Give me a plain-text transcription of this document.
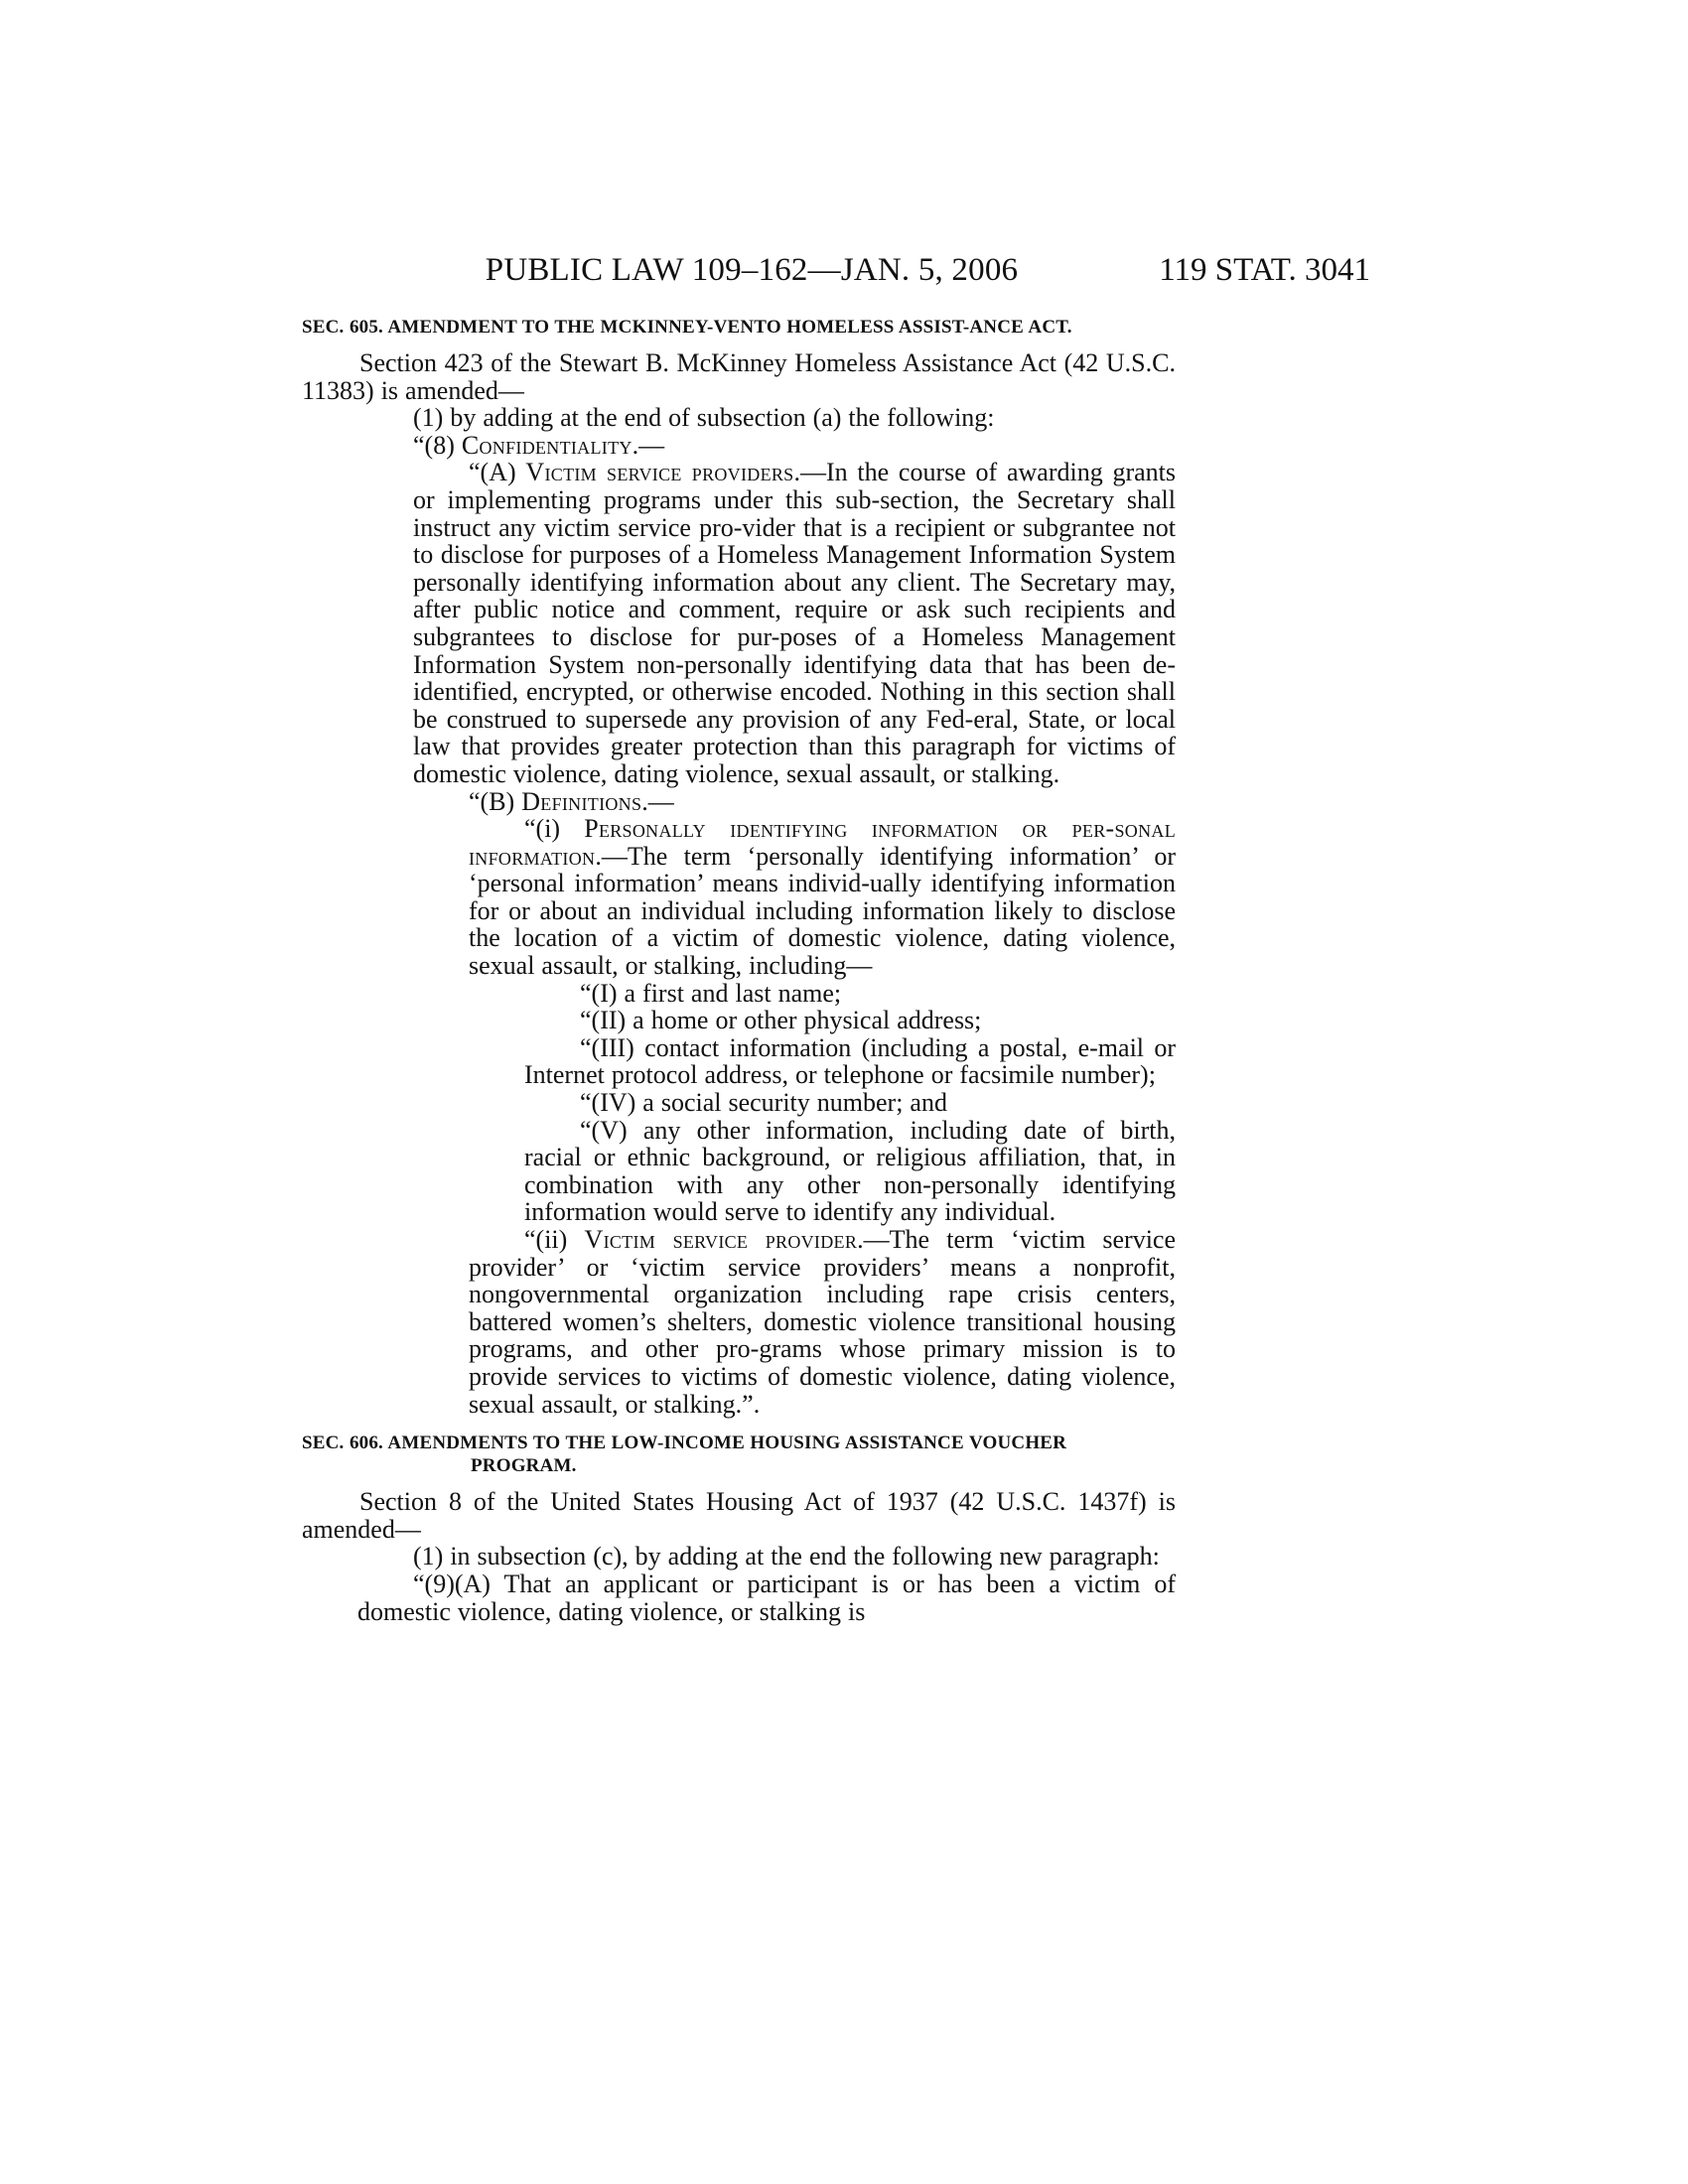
PUBLIC LAW 109–162—JAN. 5, 2006	119 STAT. 3041

SEC. 605. AMENDMENT TO THE MCKINNEY-VENTO HOMELESS ASSIST-ANCE ACT.

Section 423 of the Stewart B. McKinney Homeless Assistance Act (42 U.S.C. 11383) is amended—

(1) by adding at the end of subsection (a) the following:

“(8) Confidentiality.—

“(A) Victim service providers.—In the course of awarding grants or implementing programs under this sub-section, the Secretary shall instruct any victim service pro-vider that is a recipient or subgrantee not to disclose for purposes of a Homeless Management Information System personally identifying information about any client. The Secretary may, after public notice and comment, require or ask such recipients and subgrantees to disclose for pur-poses of a Homeless Management Information System non-personally identifying data that has been de-identified, encrypted, or otherwise encoded. Nothing in this section shall be construed to supersede any provision of any Fed-eral, State, or local law that provides greater protection than this paragraph for victims of domestic violence, dating violence, sexual assault, or stalking.

“(B) Definitions.—

“(i) Personally identifying information or per-sonal information.—The term ‘personally identifying information’ or ‘personal information’ means individ-ually identifying information for or about an individual including information likely to disclose the location of a victim of domestic violence, dating violence, sexual assault, or stalking, including—

“(I) a first and last name;

“(II) a home or other physical address;

“(III) contact information (including a postal, e-mail or Internet protocol address, or telephone or facsimile number);

“(IV) a social security number; and

“(V) any other information, including date of birth, racial or ethnic background, or religious affiliation, that, in combination with any other non-personally identifying information would serve to identify any individual.

“(ii) Victim service provider.—The term ‘victim service provider’ or ‘victim service providers’ means a nonprofit, nongovernmental organization including rape crisis centers, battered women’s shelters, domestic violence transitional housing programs, and other pro-grams whose primary mission is to provide services to victims of domestic violence, dating violence, sexual assault, or stalking.”.

SEC. 606. AMENDMENTS TO THE LOW-INCOME HOUSING ASSISTANCE VOUCHER PROGRAM.

Section 8 of the United States Housing Act of 1937 (42 U.S.C. 1437f) is amended—

(1) in subsection (c), by adding at the end the following new paragraph:

“(9)(A) That an applicant or participant is or has been a victim of domestic violence, dating violence, or stalking is
